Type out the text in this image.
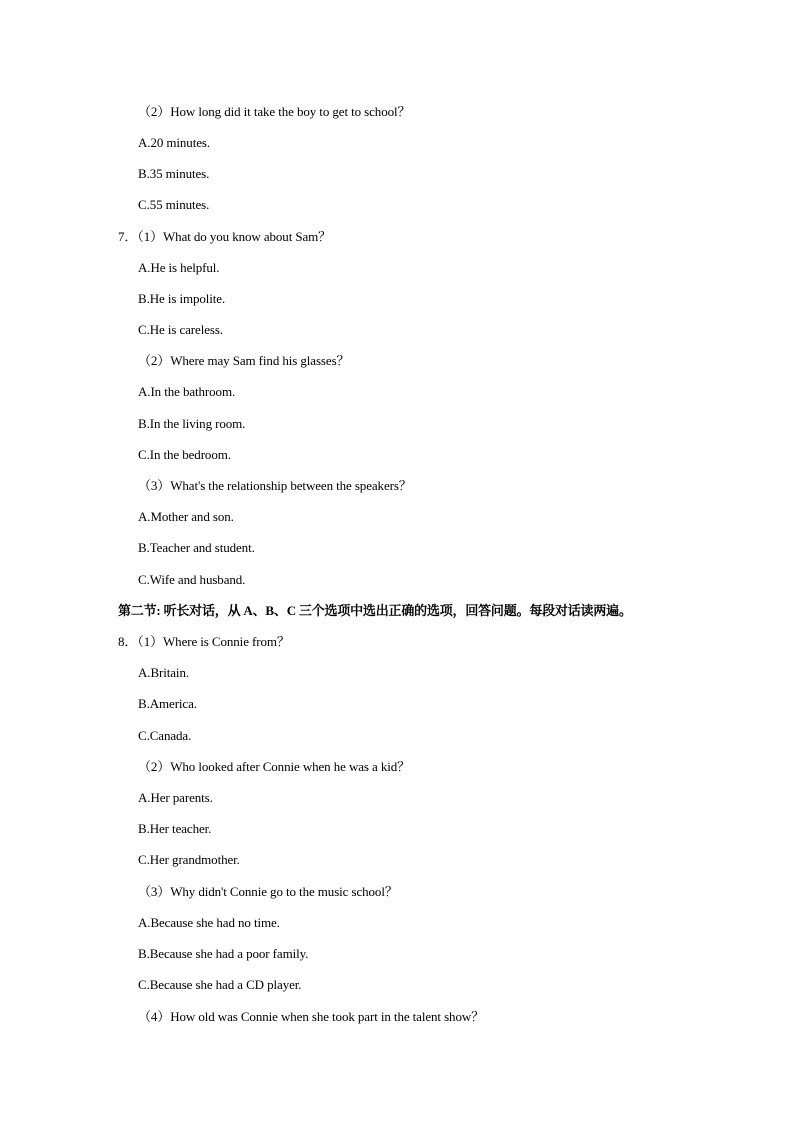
（2）How long did it take the boy to get to school？
A.20 minutes.
B.35 minutes.
C.55 minutes.
7．（1）What do you know about Sam？
A.He is helpful.
B.He is impolite.
C.He is careless.
（2）Where may Sam find his glasses？
A.In the bathroom.
B.In the living room.
C.In the bedroom.
（3）What's the relationship between the speakers？
A.Mother and son.
B.Teacher and student.
C.Wife and husband.
第二节: 听长对话，从 A、B、C 三个选项中选出正确的选项，回答问题。每段对话读两遍。
8．（1）Where is Connie from？
A.Britain.
B.America.
C.Canada.
（2）Who looked after Connie when he was a kid？
A.Her parents.
B.Her teacher.
C.Her grandmother.
（3）Why didn't Connie go to the music school？
A.Because she had no time.
B.Because she had a poor family.
C.Because she had a CD player.
（4）How old was Connie when she took part in the talent show？
